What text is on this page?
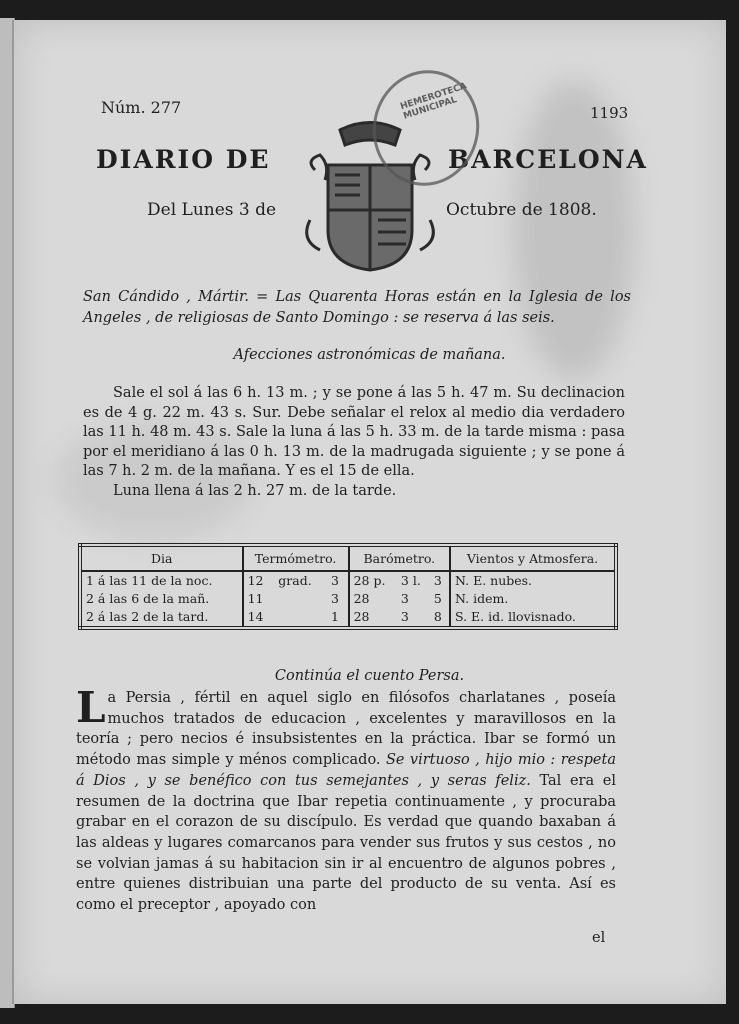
Núm. 277	1193
DIARIO DE	BARCELONA
HEMEROTECA MUNICIPAL
Del Lunes 3 de	Octubre de 1808.
San Cándido , Mártir. = Las Quarenta Horas están en la Iglesia de los Angeles , de religiosas de Santo Domingo : se reserva á las seis.
Afecciones astronómicas de mañana.

Sale el sol á las 6 h. 13 m. ; y se pone á las 5 h. 47 m. Su declinacion es de 4 g. 22 m. 43 s. Sur. Debe señalar el relox al medio dia verdadero las 11 h. 48 m. 43 s. Sale la luna á las 5 h. 33 m. de la tarde misma : pasa por el meridiano á las 0 h. 13 m. de la madrugada siguiente ; y se pone á las 7 h. 2 m. de la mañana. Y es el 15 de ella.

Luna llena á las 2 h. 27 m. de la tarde.

Dia	Termómetro.			Barómetro.			Vientos y Atmosfera.
1 á las 11 de la noc.	12	grad.	3	28 p.	3 l.	3	N. E. nubes.
2 á las 6 de la mañ.	11		3	28	3	5	N. idem.
2 á las 2 de la tard.	14		1	28	3	8	S. E. id. llovisnado.
Continúa el cuento Persa.
La Persia , fértil en aquel siglo en filósofos charlatanes , poseía muchos tratados de educacion , excelentes y maravillosos en la teoría ; pero necios é insubsistentes en la práctica. Ibar se formó un método mas simple y ménos complicado. Se virtuoso , hijo mio : respeta á Dios , y se benéfico con tus semejantes , y seras feliz. Tal era el resumen de la doctrina que Ibar repetia continuamente , y procuraba grabar en el corazon de su discípulo. Es verdad que quando baxaban á las aldeas y lugares comarcanos para vender sus frutos y sus cestos , no se volvian jamas á su habitacion sin ir al encuentro de algunos pobres , entre quienes distribuian una parte del producto de su venta. Así es como el preceptor , apoyado con
el
